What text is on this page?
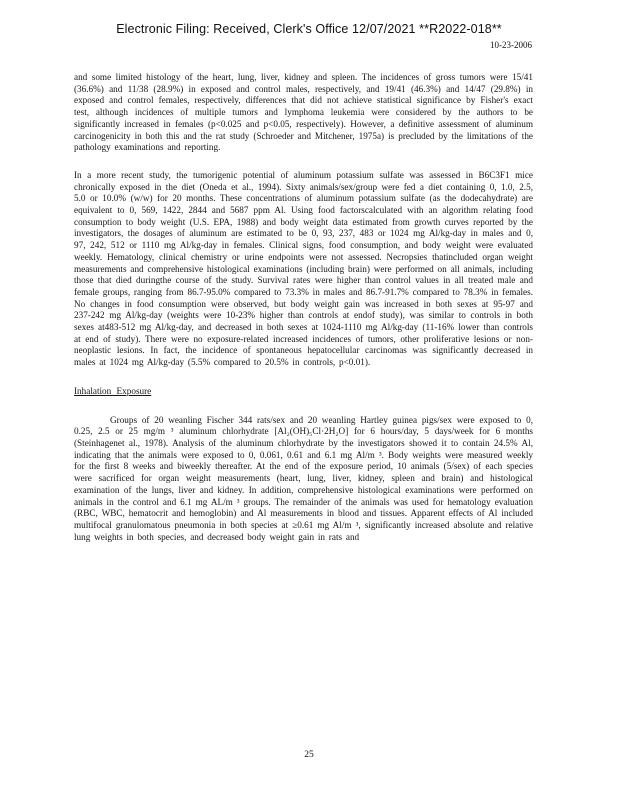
Electronic Filing: Received, Clerk's Office 12/07/2021 **R2022-018**
10-23-2006

and some limited histology of the heart, lung, liver, kidney and spleen. The incidences of gross tumors were 15/41 (36.6%) and 11/38 (28.9%) in exposed and control males, respectively, and 19/41 (46.3%) and 14/47 (29.8%) in exposed and control females, respectively, differences that did not achieve statistical significance by Fisher's exact test, although incidences of multiple tumors and lymphoma leukemia were considered by the authors to be significantly increased in females (p<0.025 and p<0.05, respectively). However, a definitive assessment of aluminum carcinogenicity in both this and the rat study (Schroeder and Mitchener, 1975a) is precluded by the limitations of the pathology examinations and reporting.

In a more recent study, the tumorigenic potential of aluminum potassium sulfate was assessed in B6C3F1 mice chronically exposed in the diet (Oneda et al., 1994). Sixty animals/sex/group were fed a diet containing 0, 1.0, 2.5, 5.0 or 10.0% (w/w) for 20 months. These concentrations of aluminum potassium sulfate (as the dodecahydrate) are equivalent to 0, 569, 1422, 2844 and 5687 ppm Al. Using food factorscalculated with an algorithm relating food consumption to body weight (U.S. EPA, 1988) and body weight data estimated from growth curves reported by the investigators, the dosages of aluminum are estimated to be 0, 93, 237, 483 or 1024 mg Al/kg-day in males and 0, 97, 242, 512 or 1110 mg Al/kg-day in females. Clinical signs, food consumption, and body weight were evaluated weekly. Hematology, clinical chemistry or urine endpoints were not assessed. Necropsies thatincluded organ weight measurements and comprehensive histological examinations (including brain) were performed on all animals, including those that died duringthe course of the study. Survival rates were higher than control values in all treated male and female groups, ranging from 86.7-95.0% compared to 73.3% in males and 86.7-91.7% compared to 78.3% in females. No changes in food consumption were observed, but body weight gain was increased in both sexes at 95-97 and 237-242 mg Al/kg-day (weights were 10-23% higher than controls at endof study), was similar to controls in both sexes at483-512 mg Al/kg-day, and decreased in both sexes at 1024-1110 mg Al/kg-day (11-16% lower than controls at end of study). There were no exposure-related increased incidences of tumors, other proliferative lesions or non-neoplastic lesions. In fact, the incidence of spontaneous hepatocellular carcinomas was significantly decreased in males at 1024 mg Al/kg-day (5.5% compared to 20.5% in controls, p<0.01).

Inhalation Exposure

Groups of 20 weanling Fischer 344 rats/sex and 20 weanling Hartley guinea pigs/sex were exposed to 0, 0.25, 2.5 or 25 mg/m ³ aluminum chlorhydrate [Al₂(OH)₅Cl·2H₂O] for 6 hours/day, 5 days/week for 6 months (Steinhagenet al., 1978). Analysis of the aluminum chlorhydrate by the investigators showed it to contain 24.5% Al, indicating that the animals were exposed to 0, 0.061, 0.61 and 6.1 mg Al/m ³. Body weights were measured weekly for the first 8 weeks and biweekly thereafter. At the end of the exposure period, 10 animals (5/sex) of each species were sacrificed for organ weight measurements (heart, lung, liver, kidney, spleen and brain) and histological examination of the lungs, liver and kidney. In addition, comprehensive histological examinations were performed on animals in the control and 6.1 mg AL/m ³ groups. The remainder of the animals was used for hematology evaluation (RBC, WBC, hematocrit and hemoglobin) and Al measurements in blood and tissues. Apparent effects of Al included multifocal granulomatous pneumonia in both species at ≥0.61 mg Al/m ³, significantly increased absolute and relative lung weights in both species, and decreased body weight gain in rats and

25
